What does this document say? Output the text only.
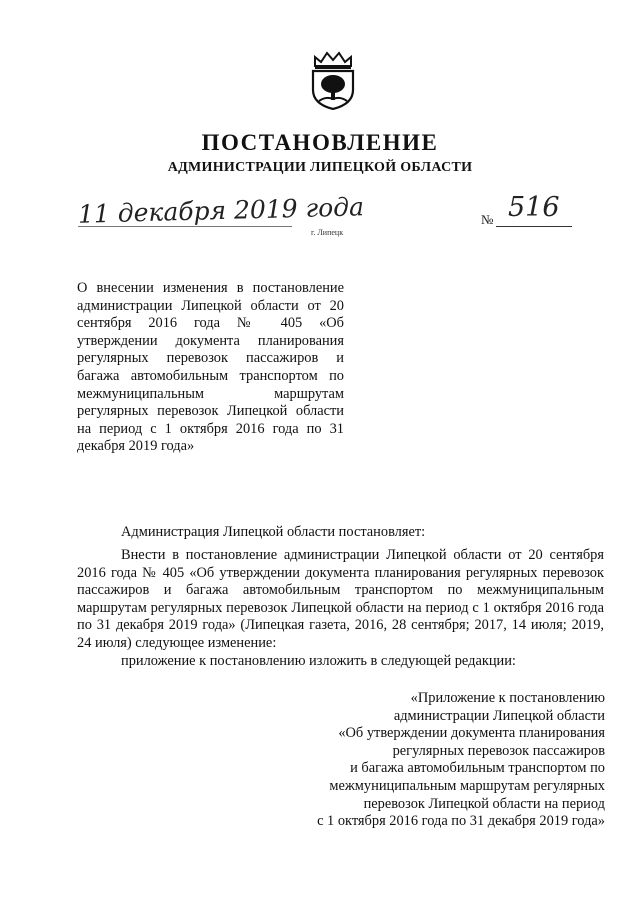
ПОСТАНОВЛЕНИЕ
АДМИНИСТРАЦИИ ЛИПЕЦКОЙ ОБЛАСТИ
11 декабря 2019 года
г. Липецк
№ 516
О внесении изменения в постановление администрации Липецкой области от 20 сентября 2016 года № 405 «Об утверждении документа планирования регулярных перевозок пассажиров и багажа автомобильным транспортом по межмуниципальным маршрутам регулярных перевозок Липецкой области на период с 1 октября 2016 года по 31 декабря 2019 года»
Администрация Липецкой области постановляет:
Внести в постановление администрации Липецкой области от 20 сентября 2016 года № 405 «Об утверждении документа планирования регулярных перевозок пассажиров и багажа автомобильным транспортом по межмуниципальным маршрутам регулярных перевозок Липецкой области на период с 1 октября 2016 года по 31 декабря 2019 года» (Липецкая газета, 2016, 28 сентября; 2017, 14 июля; 2019, 24 июля) следующее изменение:
приложение к постановлению изложить в следующей редакции:
«Приложение к постановлению
администрации Липецкой области
«Об утверждении документа планирования
регулярных перевозок пассажиров
и багажа автомобильным транспортом по
межмуниципальным маршрутам регулярных
перевозок Липецкой области на период
с 1 октября 2016 года по 31 декабря 2019 года»
